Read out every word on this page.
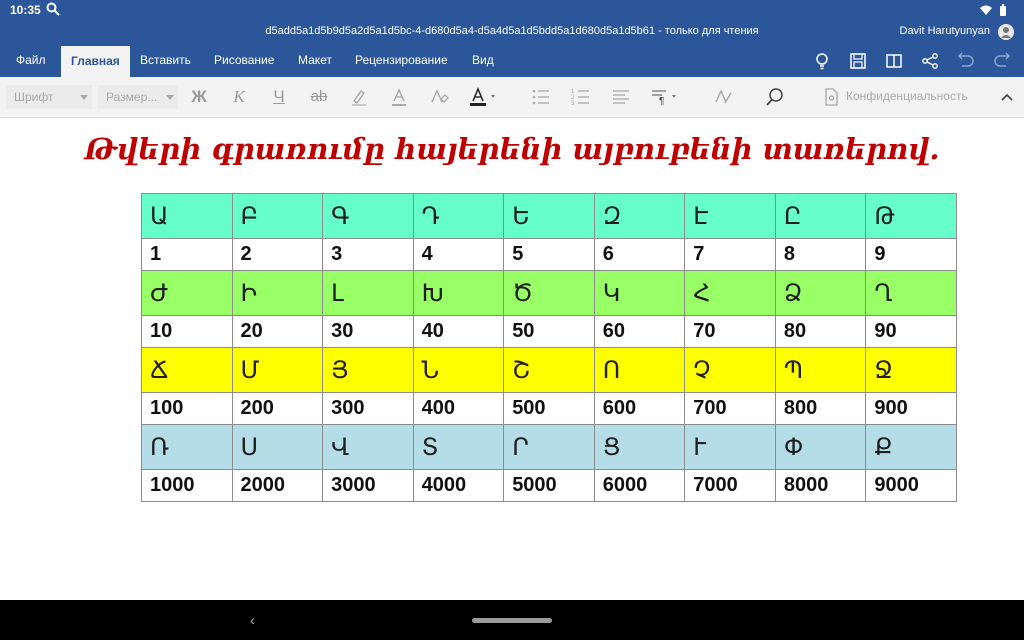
10:35
d5add5a1d5b9d5a2d5a1d5bc-4-d680d5a4-d5a4d5a1d5bdd5a1d680d5a1d5b61 - только для чтения	Davit Harutyunyan
Файл	Главная	Вставить	Рисование	Макет	Рецензирование	Вид
Шрифт	Размер...	Ж	К	Ч	ab	1
2
3	¶	Конфиденциальность
Թվերի գրառումը հայերենի այբուբենի տառերով.
Ա	Բ	Գ	Դ	Ե	Զ	Է	Ը	Թ
1	2	3	4	5	6	7	8	9
Ժ	Ի	Լ	Խ	Ծ	Կ	Հ	Ձ	Ղ
10	20	30	40	50	60	70	80	90
Ճ	Մ	Յ	Ն	Շ	Ո	Չ	Պ	Ջ
100	200	300	400	500	600	700	800	900
Ռ	Ս	Վ	Տ	Ր	Ց	Ւ	Փ	Ք
1000	2000	3000	4000	5000	6000	7000	8000	9000
‹
